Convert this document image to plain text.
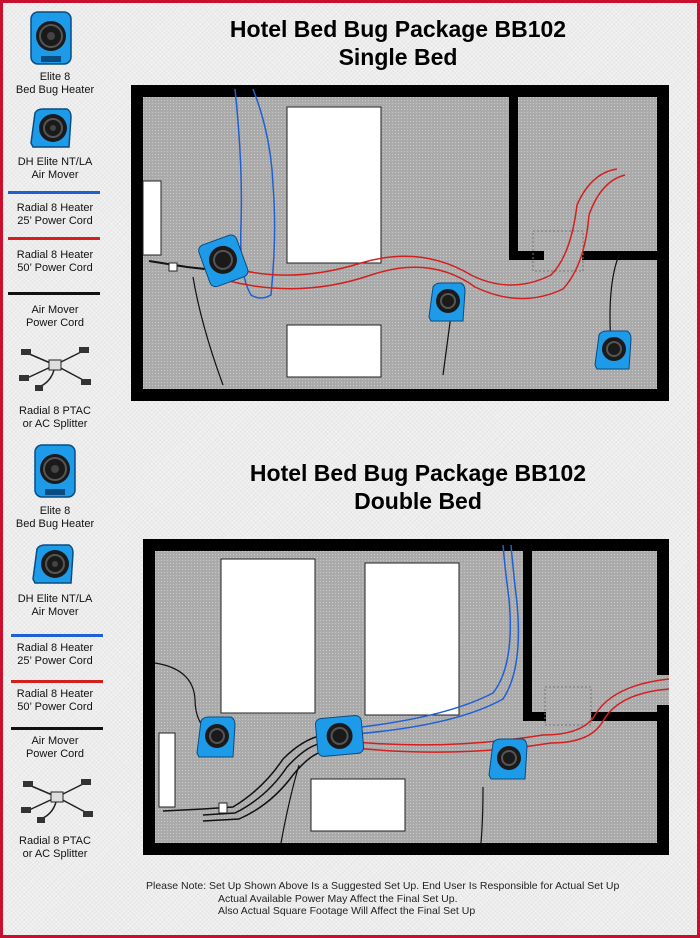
Hotel Bed Bug Package BB102
Single Bed
Elite 8
Bed Bug Heater
DH Elite NT/LA
Air Mover
Radial 8 Heater
25’ Power Cord
Radial 8 Heater
50’ Power Cord
Air Mover
Power Cord
Radial 8 PTAC
or AC Splitter
Hotel Bed Bug Package BB102
Double Bed
Elite 8
Bed Bug Heater
DH Elite NT/LA
Air Mover
Radial 8 Heater
25’ Power Cord
Radial 8 Heater
50’ Power Cord
Air Mover
Power Cord
Radial 8 PTAC
or AC Splitter
Please Note: Set Up Shown Above Is a Suggested Set Up. End User Is Responsible for Actual Set Up
Actual Available Power May Affect the Final Set Up.
Also Actual Square Footage Will Affect the Final Set Up
